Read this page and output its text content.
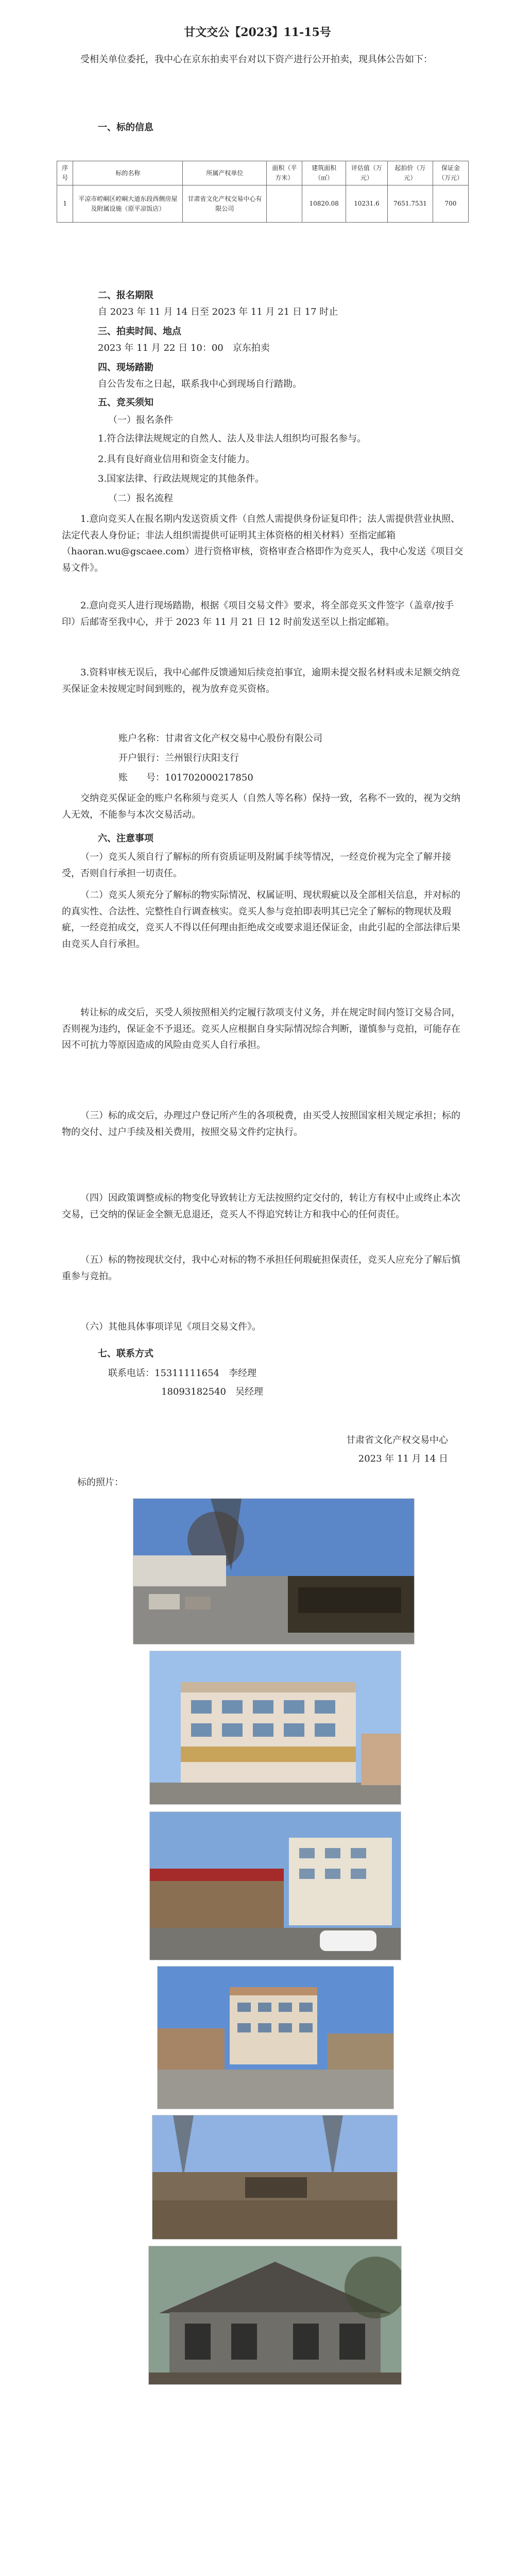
甘文交公【2023】11-15号
受相关单位委托，我中心在京东拍卖平台对以下资产进行公开拍卖，现具体公告如下：
一、标的信息
序号	标的名称	所属产权单位	面积（平方米）	建筑面积（㎡）	评估值（万元）	起拍价（万元）	保证金（万元）
1	平凉市崆峒区崆峒大道东段西侧房屋及附属设施（原平凉饭店）	甘肃省文化产权交易中心有限公司		10820.08	10231.6	7651.7531	700
二、报名期限
自 2023 年 11 月 14 日至 2023 年 11 月 21 日 17 时止
三、拍卖时间、地点
2023 年 11 月 22 日 10：00　京东拍卖
四、现场踏勘
自公告发布之日起，联系我中心到现场自行踏勘。
五、竞买须知
（一）报名条件
1.符合法律法规规定的自然人、法人及非法人组织均可报名参与。
2.具有良好商业信用和资金支付能力。
3.国家法律、行政法规规定的其他条件。
（二）报名流程
1.意向竞买人在报名期内发送资质文件（自然人需提供身份证复印件；法人需提供营业执照、法定代表人身份证；非法人组织需提供可证明其主体资格的相关材料）至指定邮箱（haoran.wu@gscaee.com）进行资格审核，资格审查合格即作为竞买人，我中心发送《项目交易文件》。
2.意向竞买人进行现场踏勘，根据《项目交易文件》要求，将全部竞买文件签字（盖章/按手印）后邮寄至我中心，并于 2023 年 11 月 21 日 12 时前发送至以上指定邮箱。
3.资料审核无误后，我中心邮件反馈通知后续竞拍事宜，逾期未提交报名材料或未足额交纳竞买保证金未按规定时间到账的，视为放弃竞买资格。
账户名称：甘肃省文化产权交易中心股份有限公司
开户银行：兰州银行庆阳支行
账　　号：101702000217850
交纳竞买保证金的账户名称须与竞买人（自然人等名称）保持一致，名称不一致的，视为交纳人无效，不能参与本次交易活动。
六、注意事项
（一）竞买人须自行了解标的所有资质证明及附属手续等情况，一经竞价视为完全了解并接受，否则自行承担一切责任。
（二）竞买人须充分了解标的物实际情况、权属证明、现状瑕疵以及全部相关信息，并对标的的真实性、合法性、完整性自行调查核实。竞买人参与竞拍即表明其已完全了解标的物现状及瑕疵，一经竞拍成交，竞买人不得以任何理由拒绝成交或要求退还保证金，由此引起的全部法律后果由竞买人自行承担。
转让标的成交后，买受人须按照相关约定履行款项支付义务，并在规定时间内签订交易合同，否则视为违约，保证金不予退还。竞买人应根据自身实际情况综合判断，谨慎参与竞拍，可能存在因不可抗力等原因造成的风险由竞买人自行承担。
（三）标的成交后，办理过户登记所产生的各项税费，由买受人按照国家相关规定承担；标的物的交付、过户手续及相关费用，按照交易文件约定执行。
（四）因政策调整或标的物变化导致转让方无法按照约定交付的，转让方有权中止或终止本次交易，已交纳的保证金全额无息退还，竞买人不得追究转让方和我中心的任何责任。
（五）标的物按现状交付，我中心对标的物不承担任何瑕疵担保责任，竞买人应充分了解后慎重参与竞拍。
（六）其他具体事项详见《项目交易文件》。
七、联系方式
联系电话：15311111654　李经理
18093182540　吴经理
甘肃省文化产权交易中心
2023 年 11 月 14 日
标的照片：
